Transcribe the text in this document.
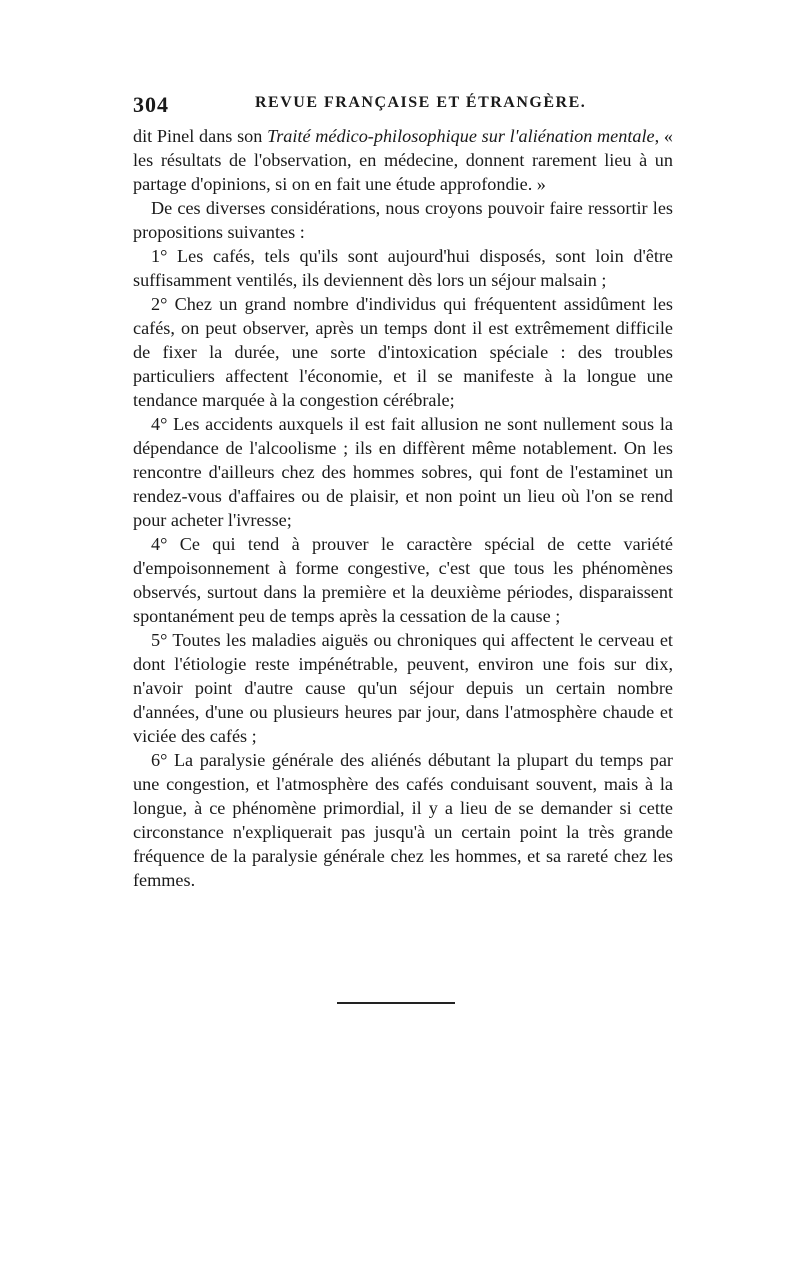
304	REVUE FRANÇAISE ET ÉTRANGÈRE.

dit Pinel dans son Traité médico-philosophique sur l'aliénation mentale, « les résultats de l'observation, en médecine, donnent rarement lieu à un partage d'opinions, si on en fait une étude approfondie. »

De ces diverses considérations, nous croyons pouvoir faire ressortir les propositions suivantes :

1° Les cafés, tels qu'ils sont aujourd'hui disposés, sont loin d'être suffisamment ventilés, ils deviennent dès lors un séjour malsain ;

2° Chez un grand nombre d'individus qui fréquentent assidûment les cafés, on peut observer, après un temps dont il est extrêmement difficile de fixer la durée, une sorte d'intoxication spéciale : des troubles particuliers affectent l'économie, et il se manifeste à la longue une tendance marquée à la congestion cérébrale;

4° Les accidents auxquels il est fait allusion ne sont nullement sous la dépendance de l'alcoolisme ; ils en diffèrent même notablement. On les rencontre d'ailleurs chez des hommes sobres, qui font de l'estaminet un rendez-vous d'affaires ou de plaisir, et non point un lieu où l'on se rend pour acheter l'ivresse;

4° Ce qui tend à prouver le caractère spécial de cette variété d'empoisonnement à forme congestive, c'est que tous les phénomènes observés, surtout dans la première et la deuxième périodes, disparaissent spontanément peu de temps après la cessation de la cause ;

5° Toutes les maladies aiguës ou chroniques qui affectent le cerveau et dont l'étiologie reste impénétrable, peuvent, environ une fois sur dix, n'avoir point d'autre cause qu'un séjour depuis un certain nombre d'années, d'une ou plusieurs heures par jour, dans l'atmosphère chaude et viciée des cafés ;

6° La paralysie générale des aliénés débutant la plupart du temps par une congestion, et l'atmosphère des cafés conduisant souvent, mais à la longue, à ce phénomène primordial, il y a lieu de se demander si cette circonstance n'expliquerait pas jusqu'à un certain point la très grande fréquence de la paralysie générale chez les hommes, et sa rareté chez les femmes.
